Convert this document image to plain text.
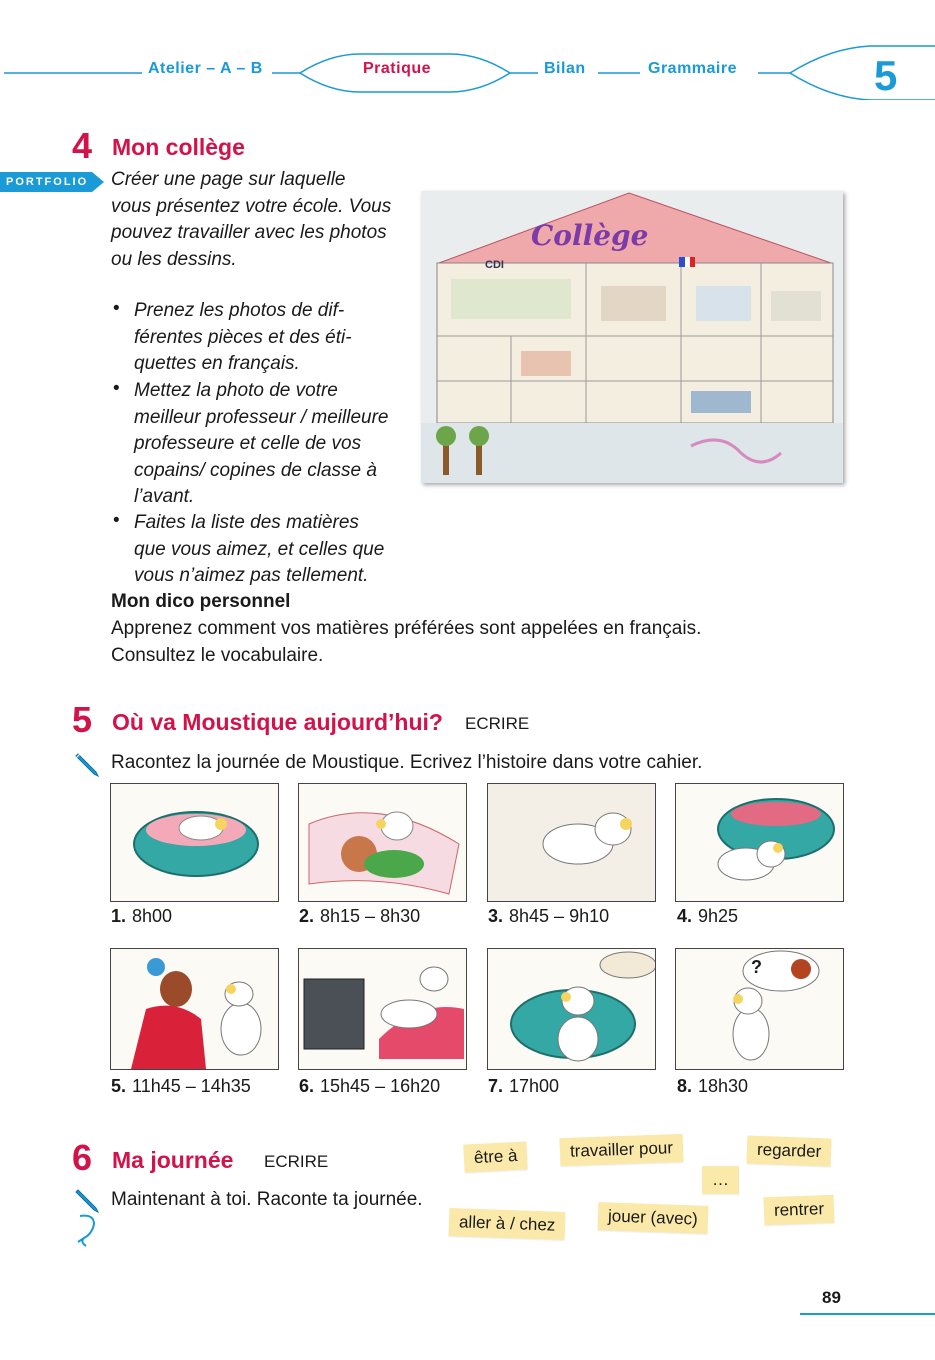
Atelier – A – B	Pratique	Bilan	Grammaire	5
4 Mon collège
PORTFOLIO Créer une page sur laquelle
vous présentez votre école. Vous
pouvez travailler avec les photos
ou les dessins.
• Prenez les photos de dif-
férentes pièces et des éti-
quettes en français.
• Mettez la photo de votre
meilleur professeur / meilleure
professeure et celle de vos
copains/ copines de classe à
l’avant.
• Faites la liste des matières
que vous aimez, et celles que
vous n’aimez pas tellement.
Mon dico personnel
Apprenez comment vos matières préférées sont appelées en français.
Consultez le vocabulaire.
Collège
CDI
5 Où va Moustique aujourd’hui? ECRIRE
Racontez la journée de Moustique. Ecrivez l’histoire dans votre cahier.
1. 8h00	2. 8h15 – 8h30	3. 8h45 – 9h10	4. 9h25
?
5. 11h45 – 14h35	6. 15h45 – 16h20	7. 17h00	8. 18h30
6 Ma journée ECRIRE
Maintenant à toi. Raconte ta journée.
être à	travailler pour	regarder
…
aller à / chez	jouer (avec)	rentrer
89
